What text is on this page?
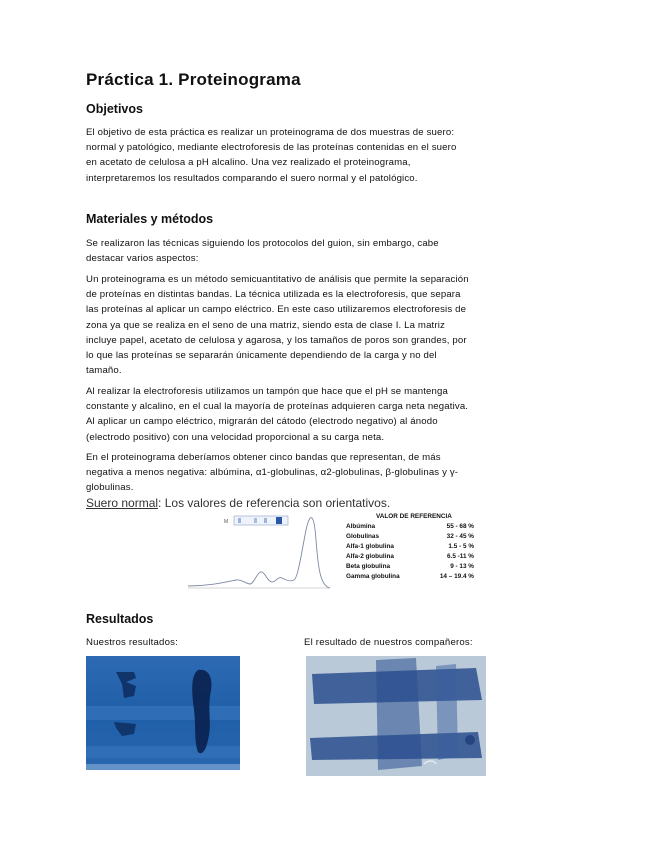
Práctica 1. Proteinograma
Objetivos
El objetivo de esta práctica es realizar un proteinograma de dos muestras de suero:
normal y patológico, mediante electroforesis de las proteínas contenidas en el suero
en acetato de celulosa a pH alcalino. Una vez realizado el proteinograma,
interpretaremos los resultados comparando el suero normal y el patológico.
Materiales y métodos
Se realizaron las técnicas siguiendo los protocolos del guion, sin embargo, cabe
destacar varios aspectos:
Un proteinograma es un método semicuantitativo de análisis que permite la separación
de proteínas en distintas bandas. La técnica utilizada es la electroforesis, que separa
las proteínas al aplicar un campo eléctrico. En este caso utilizaremos electroforesis de
zona ya que se realiza en el seno de una matriz, siendo esta de clase I. La matriz
incluye papel, acetato de celulosa y agarosa, y los tamaños de poros son grandes, por
lo que las proteínas se separarán únicamente dependiendo de la carga y no del
tamaño.
Al realizar la electroforesis utilizamos un tampón que hace que el pH se mantenga
constante y alcalino, en el cual la mayoría de proteínas adquieren carga neta negativa.
Al aplicar un campo eléctrico, migrarán del cátodo (electrodo negativo) al ánodo
(electrodo positivo) con una velocidad proporcional a su carga neta.
En el proteinograma deberíamos obtener cinco bandas que representan, de más
negativa a menos negativa: albúmina, α1-globulinas, α2-globulinas, β-globulinas y γ-
globulinas.
Suero normal: Los valores de referencia son orientativos.
M
VALOR DE REFERENCIA
Albúmina	55 - 68 %
Globulinas	32 - 45 %
Alfa-1 globulina	1.5 - 5 %
Alfa-2 globulina	6.5 -11 %
Beta globulina	9 - 13 %
Gamma globulina	14 – 19.4 %
Resultados
Nuestros resultados:	El resultado de nuestros compañeros:
